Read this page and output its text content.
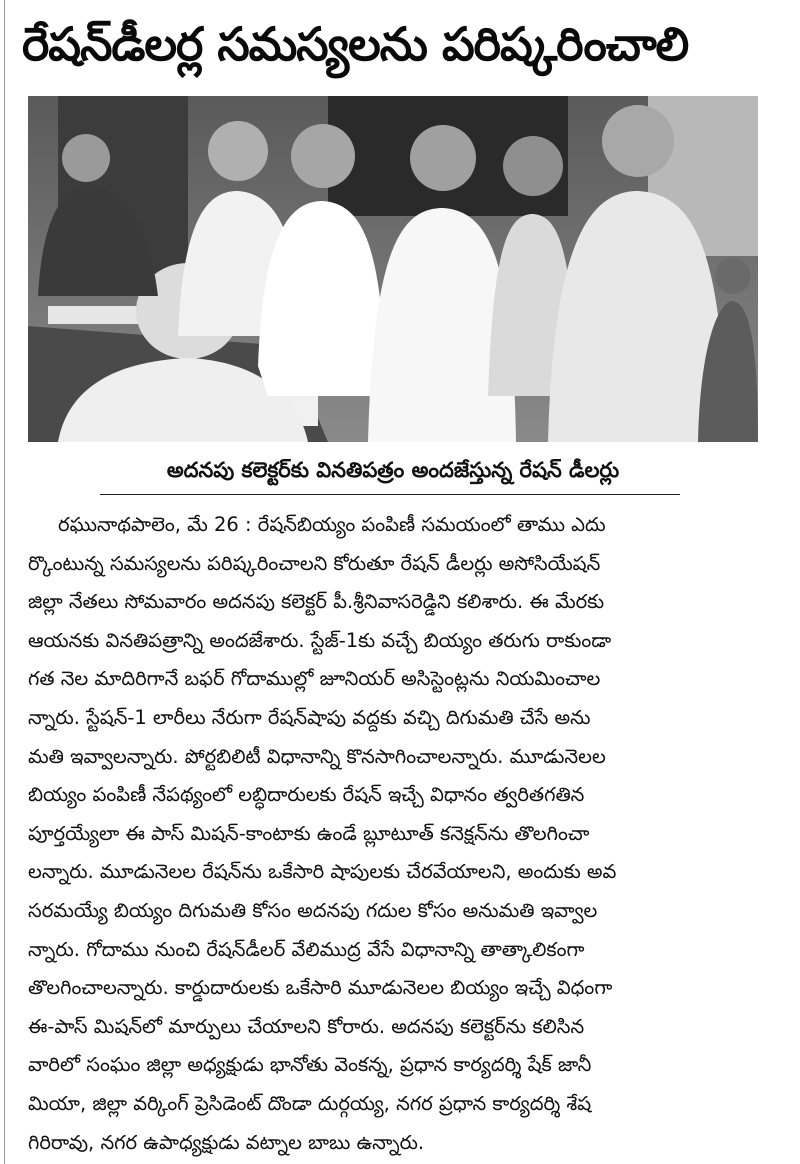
రేషన్‌డీలర్ల సమస్యలను పరిష్కరించాలి
అదనపు కలెక్టర్‌కు వినతిపత్రం అందజేస్తున్న రేషన్ డీలర్లు
రఘునాథపాలెం, మే 26 : రేషన్‌బియ్యం పంపిణీ సమయంలో తాము ఎదు
ర్కొంటున్న సమస్యలను పరిష్కరించాలని కోరుతూ రేషన్ డీలర్లు అసోసియేషన్
జిల్లా నేతలు సోమవారం అదనపు కలెక్టర్ పీ.శ్రీనివాసరెడ్డిని కలిశారు. ఈ మేరకు
ఆయనకు వినతిపత్రాన్ని అందజేశారు. స్టేజ్‌-1కు వచ్చే బియ్యం తరుగు రాకుండా
గత నెల మాదిరిగానే బఫర్ గోదాముల్లో జూనియర్ అసిస్టెంట్లను నియమించాల
న్నారు. స్టేషన్‌-1 లారీలు నేరుగా రేషన్‌షాపు వద్దకు వచ్చి దిగుమతి చేసే అను
మతి ఇవ్వాలన్నారు. పోర్టబిలిటీ విధానాన్ని కొనసాగించాలన్నారు. మూడునెలల
బియ్యం పంపిణీ నేపథ్యంలో లబ్ధిదారులకు రేషన్ ఇచ్చే విధానం త్వరితగతిన
పూర్తయ్యేలా ఈ పాస్ మిషన్‌-కాంటాకు ఉండే బ్లూటూత్ కనెక్షన్‌ను తొలగించా
లన్నారు. మూడునెలల రేషన్‌ను ఒకేసారి షాపులకు చేరవేయాలని, అందుకు అవ
సరమయ్యే బియ్యం దిగుమతి కోసం అదనపు గదుల కోసం అనుమతి ఇవ్వాల
న్నారు. గోదాము నుంచి రేషన్‌డీలర్ వేలిముద్ర వేసే విధానాన్ని తాత్కాలికంగా
తొలగించాలన్నారు. కార్డుదారులకు ఒకేసారి మూడునెలల బియ్యం ఇచ్చే విధంగా
ఈ-పాస్ మిషన్‌లో మార్పులు చేయాలని కోరారు. అదనపు కలెక్టర్‌ను కలిసిన
వారిలో సంఘం జిల్లా అధ్యక్షుడు భానోతు వెంకన్న, ప్రధాన కార్యదర్శి షేక్ జానీ
మియా, జిల్లా వర్కింగ్ ప్రెసిడెంట్ దొండా దుర్గయ్య, నగర ప్రధాన కార్యదర్శి శేష
గిరిరావు, నగర ఉపాధ్యక్షుడు వట్నాల బాబు ఉన్నారు.
